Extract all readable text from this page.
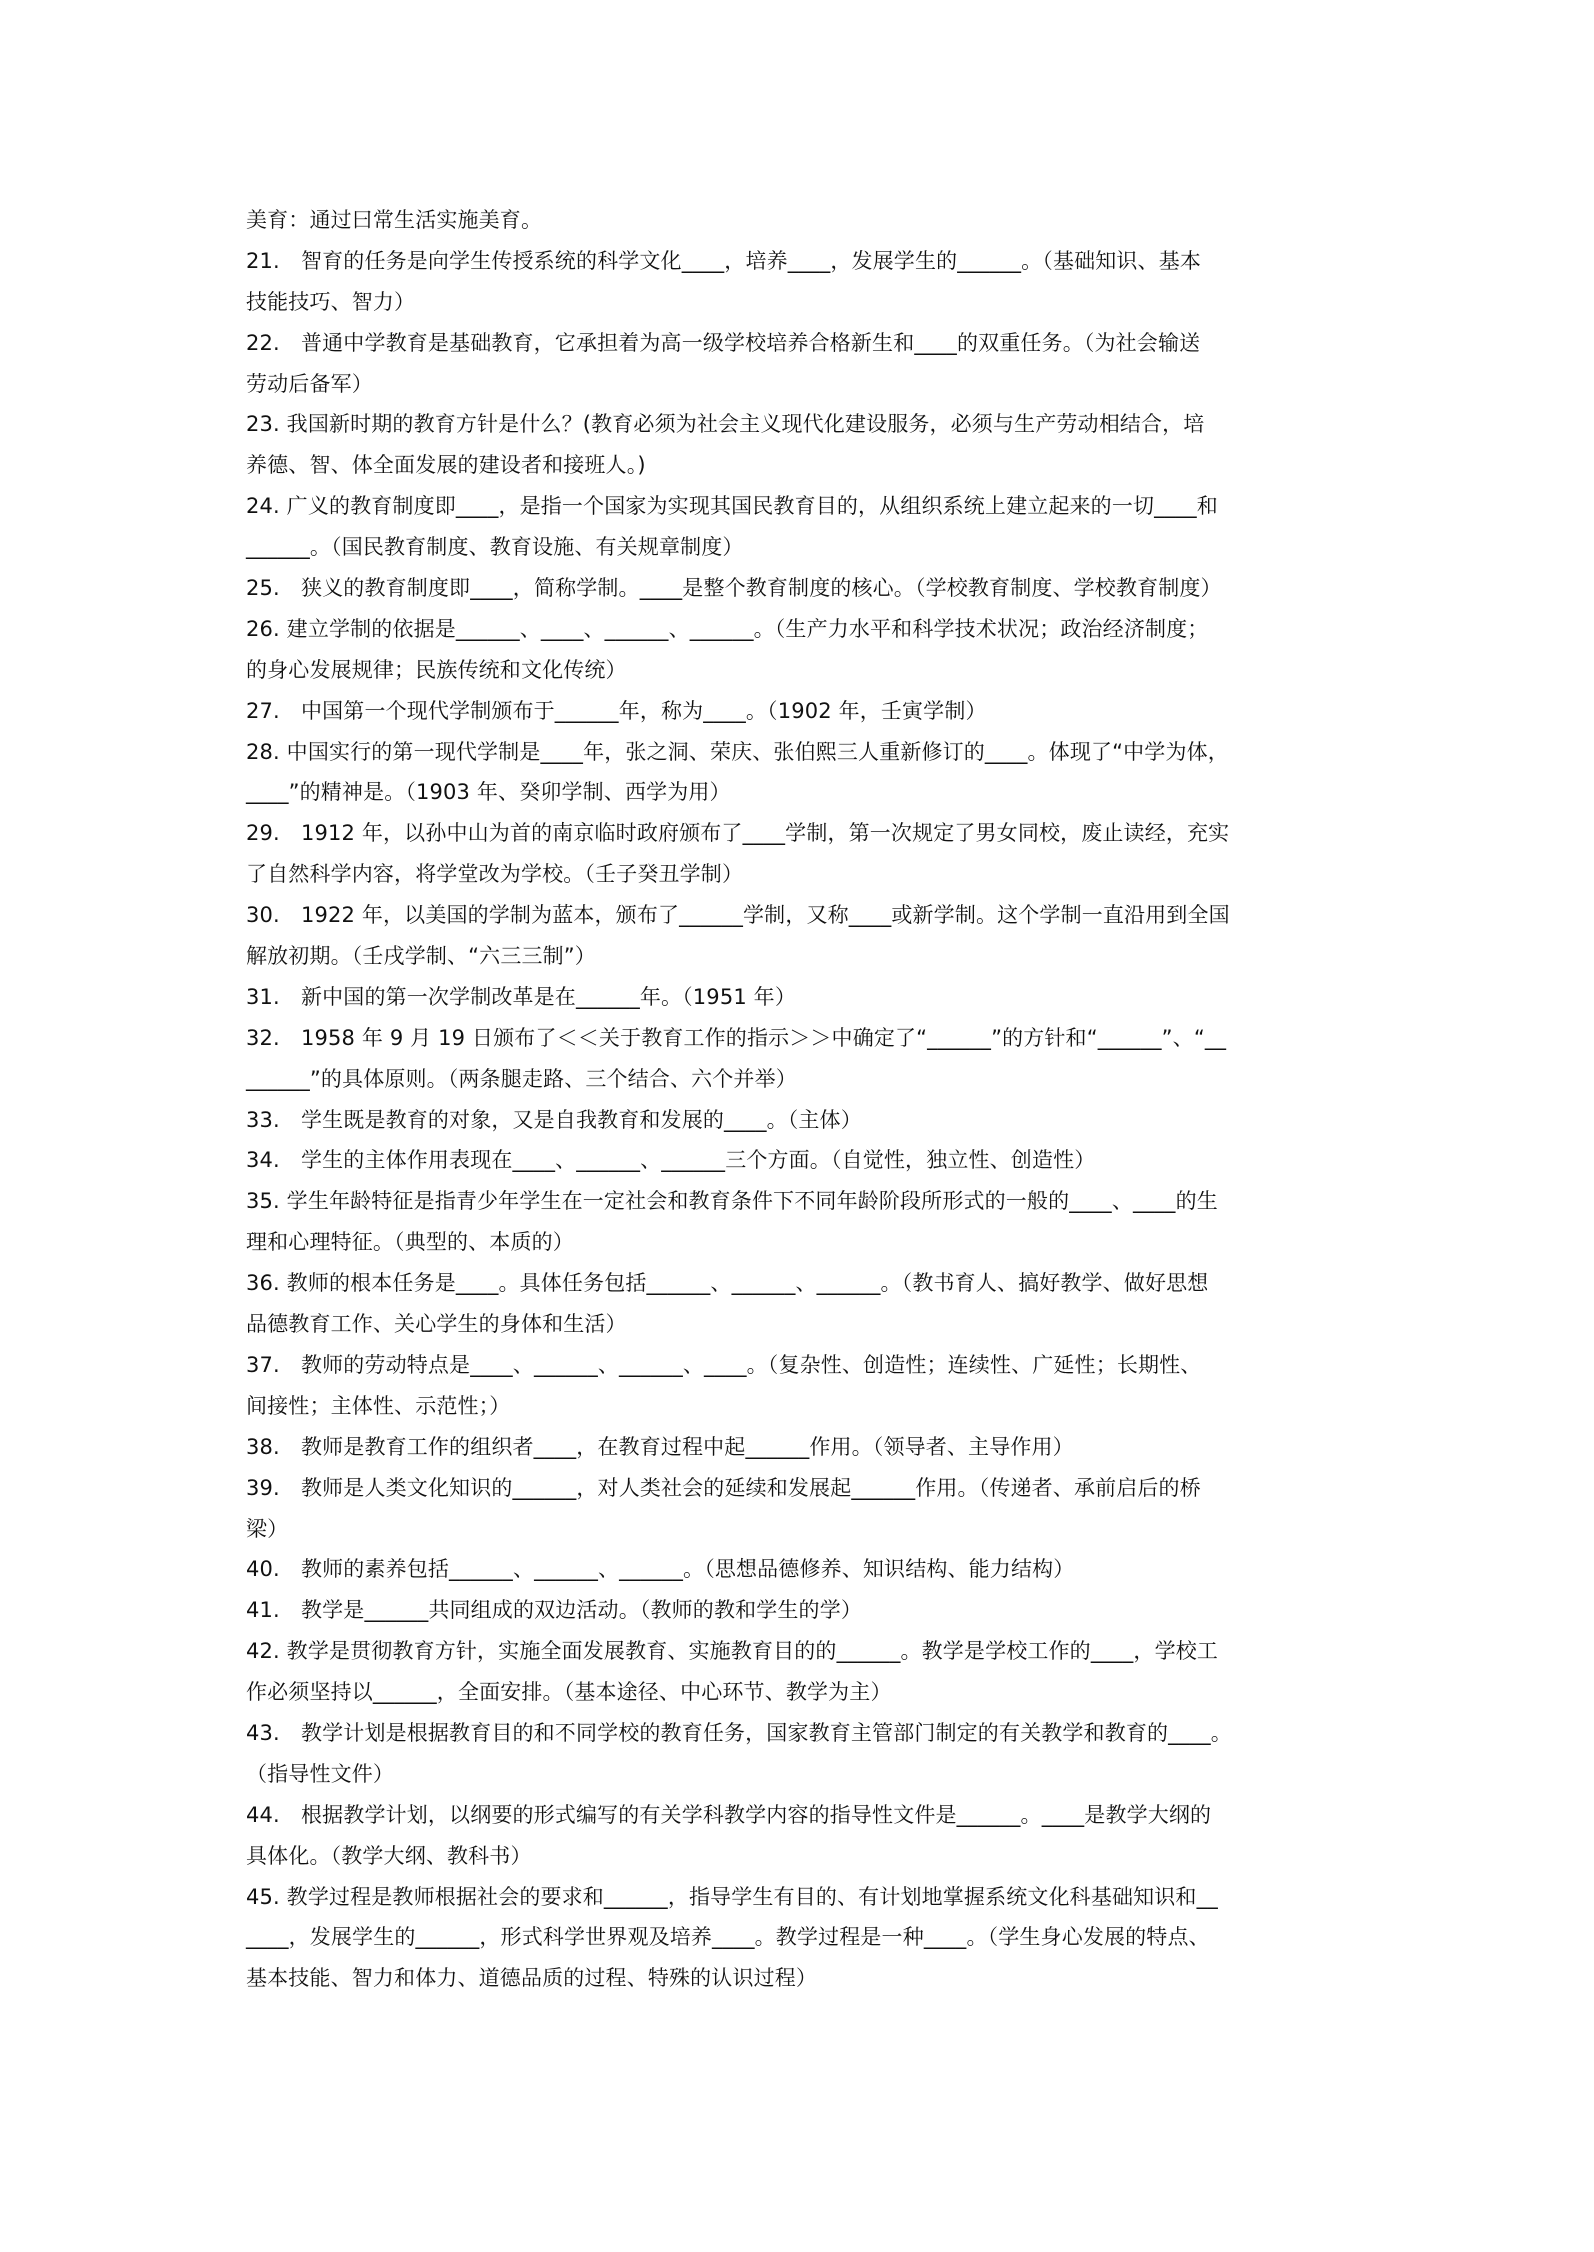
美育：通过曰常生活实施美育。
21.　智育的任务是向学生传授系统的科学文化____，培养____，发展学生的______。（基础知识、基本
技能技巧、智力）
22.　普通中学教育是基础教育，它承担着为高一级学校培养合格新生和____的双重任务。（为社会输送
劳动后备军）
23. 我国新时期的教育方针是什么？(教育必须为社会主义现代化建设服务，必须与生产劳动相结合，培
养德、智、体全面发展的建设者和接班人。)
24. 广义的教育制度即____，是指一个国家为实现其国民教育目的，从组织系统上建立起来的一切____和
______。（国民教育制度、教育设施、有关规章制度）
25.　狭义的教育制度即____，简称学制。____是整个教育制度的核心。（学校教育制度、学校教育制度）
26. 建立学制的依据是______、____、______、______。（生产力水平和科学技术状况；政治经济制度；
的身心发展规律；民族传统和文化传统）
27.　中国第一个现代学制颁布于______年，称为____。（1902 年，壬寅学制）
28. 中国实行的第一现代学制是____年，张之洞、荣庆、张伯熙三人重新修订的____。体现了“中学为体，
____”的精神是。（1903 年、癸卯学制、西学为用）
29.　1912 年，以孙中山为首的南京临时政府颁布了____学制，第一次规定了男女同校，废止读经，充实
了自然科学内容，将学堂改为学校。（壬子癸丑学制）
30.　1922 年，以美国的学制为蓝本，颁布了______学制，又称____或新学制。这个学制一直沿用到全国
解放初期。（壬戌学制、“六三三制”）
31.　新中国的第一次学制改革是在______年。（1951 年）
32.　1958 年 9 月 19 日颁布了＜＜关于教育工作的指示＞＞中确定了“______”的方针和“______”、“__
______”的具体原则。（两条腿走路、三个结合、六个并举）
33.　学生既是教育的对象，又是自我教育和发展的____。（主体）
34.　学生的主体作用表现在____、______、______三个方面。（自觉性，独立性、创造性）
35. 学生年龄特征是指青少年学生在一定社会和教育条件下不同年龄阶段所形式的一般的____、____的生
理和心理特征。（典型的、本质的）
36. 教师的根本任务是____。具体任务包括______、______、______。（教书育人、搞好教学、做好思想
品德教育工作、关心学生的身体和生活）
37.　教师的劳动特点是____、______、______、____。（复杂性、创造性；连续性、广延性；长期性、
间接性；主体性、示范性；）
38.　教师是教育工作的组织者____，在教育过程中起______作用。（领导者、主导作用）
39.　教师是人类文化知识的______，对人类社会的延续和发展起______作用。（传递者、承前启后的桥
梁）
40.　教师的素养包括______、______、______。（思想品德修养、知识结构、能力结构）
41.　教学是______共同组成的双边活动。（教师的教和学生的学）
42. 教学是贯彻教育方针，实施全面发展教育、实施教育目的的______。教学是学校工作的____，学校工
作必须坚持以______，全面安排。（基本途径、中心环节、教学为主）
43.　教学计划是根据教育目的和不同学校的教育任务，国家教育主管部门制定的有关教学和教育的____。
（指导性文件）
44.　根据教学计划，以纲要的形式编写的有关学科教学内容的指导性文件是______。____是教学大纲的
具体化。（教学大纲、教科书）
45. 教学过程是教师根据社会的要求和______，指导学生有目的、有计划地掌握系统文化科基础知识和__
____，发展学生的______，形式科学世界观及培养____。教学过程是一种____。（学生身心发展的特点、
基本技能、智力和体力、道德品质的过程、特殊的认识过程）
